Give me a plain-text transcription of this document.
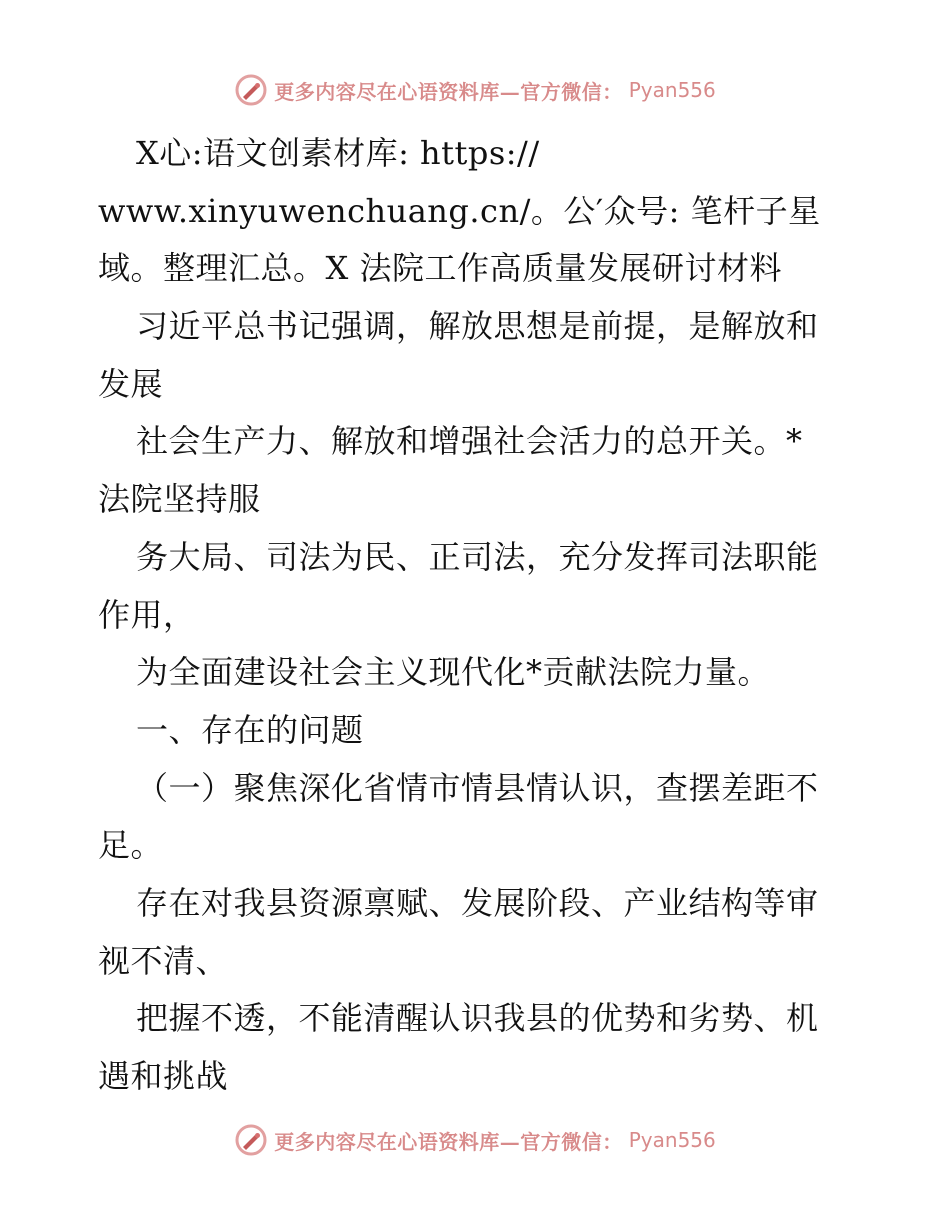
更多内容尽在心语资料库—官方微信： Pyan556
X心:语文创素材库: https://
www.xinyuwenchuang.cn/。公′众号: 笔杆子星
域。整理汇总。X 法院工作高质量发展研讨材料
习近平总书记强调，解放思想是前提，是解放和
发展
社会生产力、解放和增强社会活力的总开关。*
法院坚持服
务大局、司法为民、正司法，充分发挥司法职能
作用，
为全面建设社会主义现代化*贡献法院力量。
一、存在的问题
（一）聚焦深化省情市情县情认识，查摆差距不
足。
存在对我县资源禀赋、发展阶段、产业结构等审
视不清、
把握不透，不能清醒认识我县的优势和劣势、机
遇和挑战
更多内容尽在心语资料库—官方微信： Pyan556
